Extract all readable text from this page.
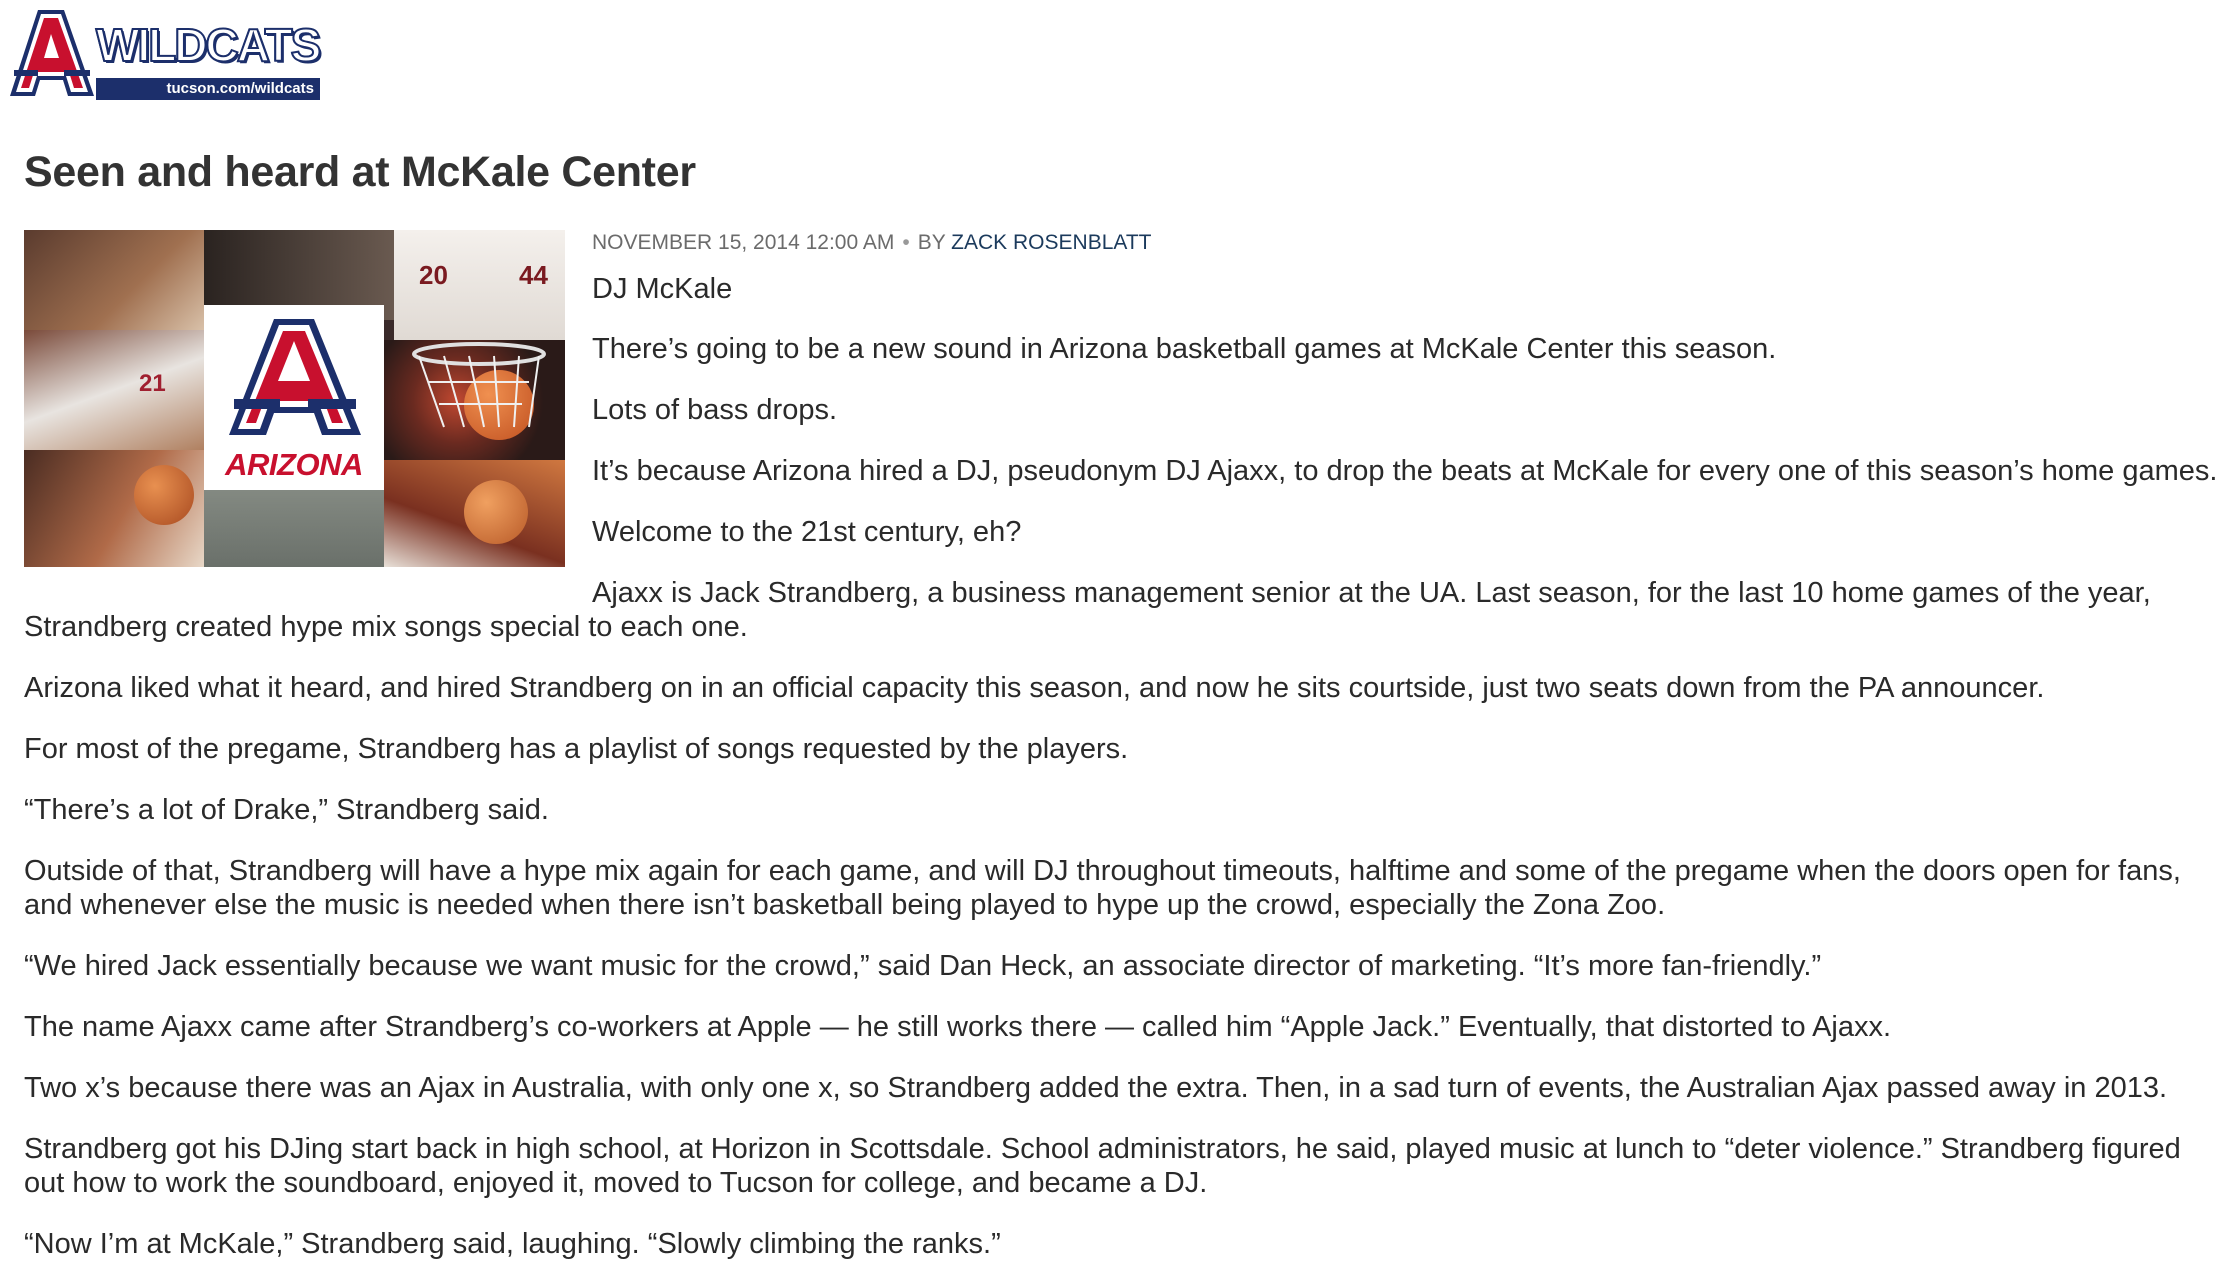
WILDCATS
tucson.com/wildcats
Seen and heard at McKale Center
20	44
21
ARIZONA
NOVEMBER 15, 2014 12:00 AM • BY ZACK ROSENBLATT

DJ McKale

There’s going to be a new sound in Arizona basketball games at McKale Center this season.

Lots of bass drops.

It’s because Arizona hired a DJ, pseudonym DJ Ajaxx, to drop the beats at McKale for every one of this season’s home games.

Welcome to the 21st century, eh?

Ajaxx is Jack Strandberg, a business management senior at the UA. Last season, for the last 10 home games of the year, Strandberg created hype mix songs special to each one.

Arizona liked what it heard, and hired Strandberg on in an official capacity this season, and now he sits courtside, just two seats down from the PA announcer.

For most of the pregame, Strandberg has a playlist of songs requested by the players.

“There’s a lot of Drake,” Strandberg said.

Outside of that, Strandberg will have a hype mix again for each game, and will DJ throughout timeouts, halftime and some of the pregame when the doors open for fans, and whenever else the music is needed when there isn’t basketball being played to hype up the crowd, especially the Zona Zoo.

“We hired Jack essentially because we want music for the crowd,” said Dan Heck, an associate director of marketing. “It’s more fan-friendly.”

The name Ajaxx came after Strandberg’s co-workers at Apple — he still works there — called him “Apple Jack.” Eventually, that distorted to Ajaxx.

Two x’s because there was an Ajax in Australia, with only one x, so Strandberg added the extra. Then, in a sad turn of events, the Australian Ajax passed away in 2013.

Strandberg got his DJing start back in high school, at Horizon in Scottsdale. School administrators, he said, played music at lunch to “deter violence.” Strandberg figured out how to work the soundboard, enjoyed it, moved to Tucson for college, and became a DJ.

“Now I’m at McKale,” Strandberg said, laughing. “Slowly climbing the ranks.”
